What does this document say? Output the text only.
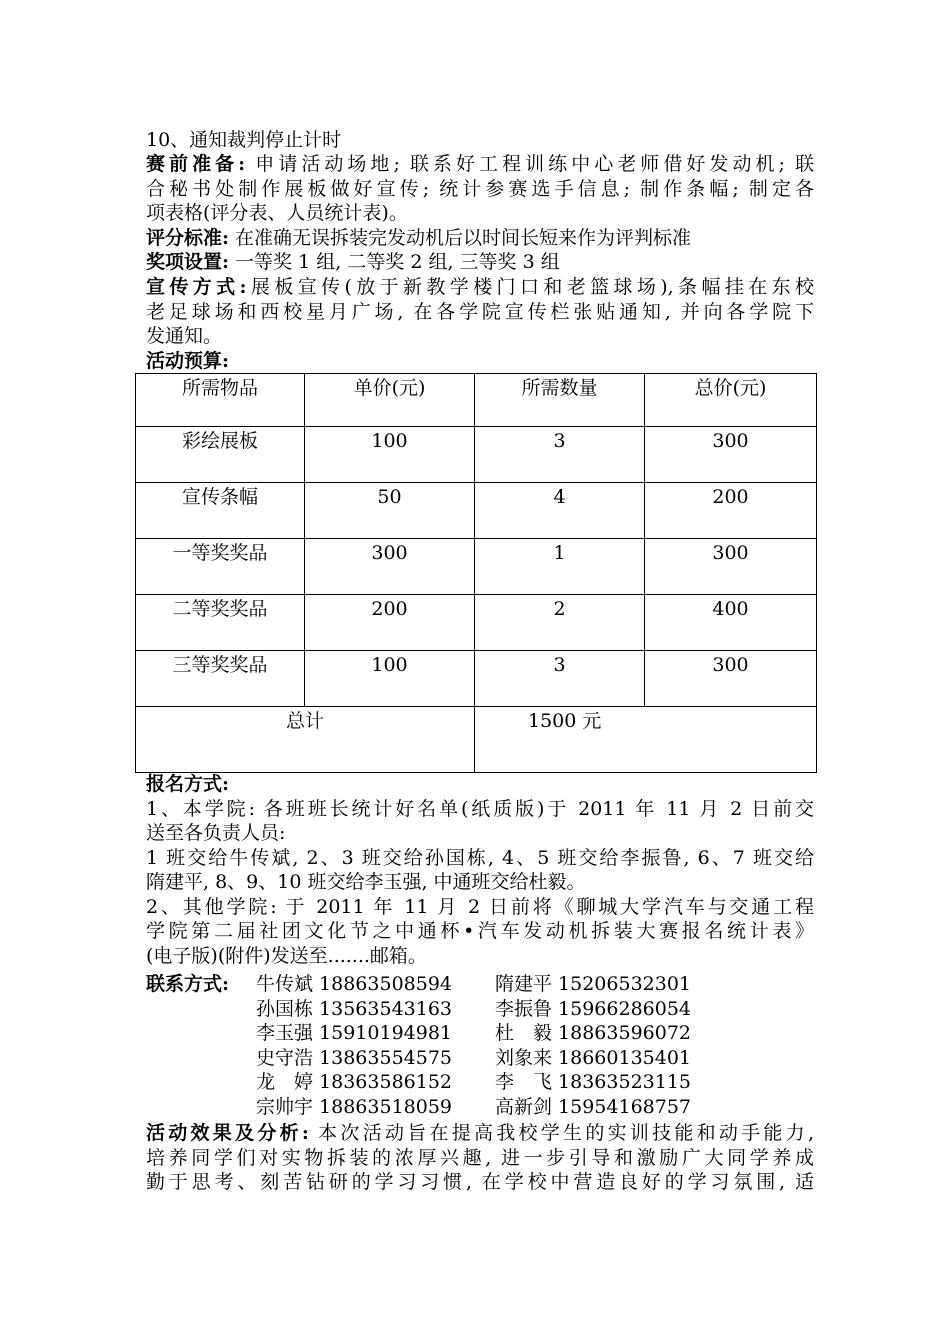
10、通知裁判停止计时
赛前准备: 申请活动场地; 联系好工程训练中心老师借好发动机; 联
合秘书处制作展板做好宣传; 统计参赛选手信息; 制作条幅; 制定各
项表格(评分表、人员统计表)。
评分标准: 在准确无误拆装完发动机后以时间长短来作为评判标准
奖项设置: 一等奖 1 组, 二等奖 2 组, 三等奖 3 组
宣传方式:展板宣传(放于新教学楼门口和老篮球场),条幅挂在东校
老足球场和西校星月广场, 在各学院宣传栏张贴通知, 并向各学院下
发通知。
活动预算:
所需物品	单价(元)	所需数量	总价(元)
彩绘展板	100	3	300
宣传条幅	50	4	200
一等奖奖品	300	1	300
二等奖奖品	200	2	400
三等奖奖品	100	3	300
总计		1500 元	
报名方式:
1、本学院: 各班班长统计好名单(纸质版)于 2011 年 11 月 2 日前交
送至各负责人员:
1 班交给牛传斌, 2、3 班交给孙国栋, 4、5 班交给李振鲁, 6、7 班交给
隋建平, 8、9、10 班交给李玉强, 中通班交给杜毅。
2、其他学院: 于 2011 年 11 月 2 日前将《聊城大学汽车与交通工程
学院第二届社团文化节之中通杯•汽车发动机拆装大赛报名统计表》
(电子版)(附件)发送至.......邮箱。
联系方式: 牛传斌 18863508594 隋建平 15206532301
孙国栋 13563543163 李振鲁 15966286054
李玉强 15910194981 杜　毅 18863596072
史守浩 13863554575 刘象来 18660135401
龙　婷 18363586152 李　飞 18363523115
宗帅宇 18863518059 高新剑 15954168757
活动效果及分析: 本次活动旨在提高我校学生的实训技能和动手能力,
培养同学们对实物拆装的浓厚兴趣, 进一步引导和激励广大同学养成
勤于思考、刻苦钻研的学习习惯, 在学校中营造良好的学习氛围, 适
